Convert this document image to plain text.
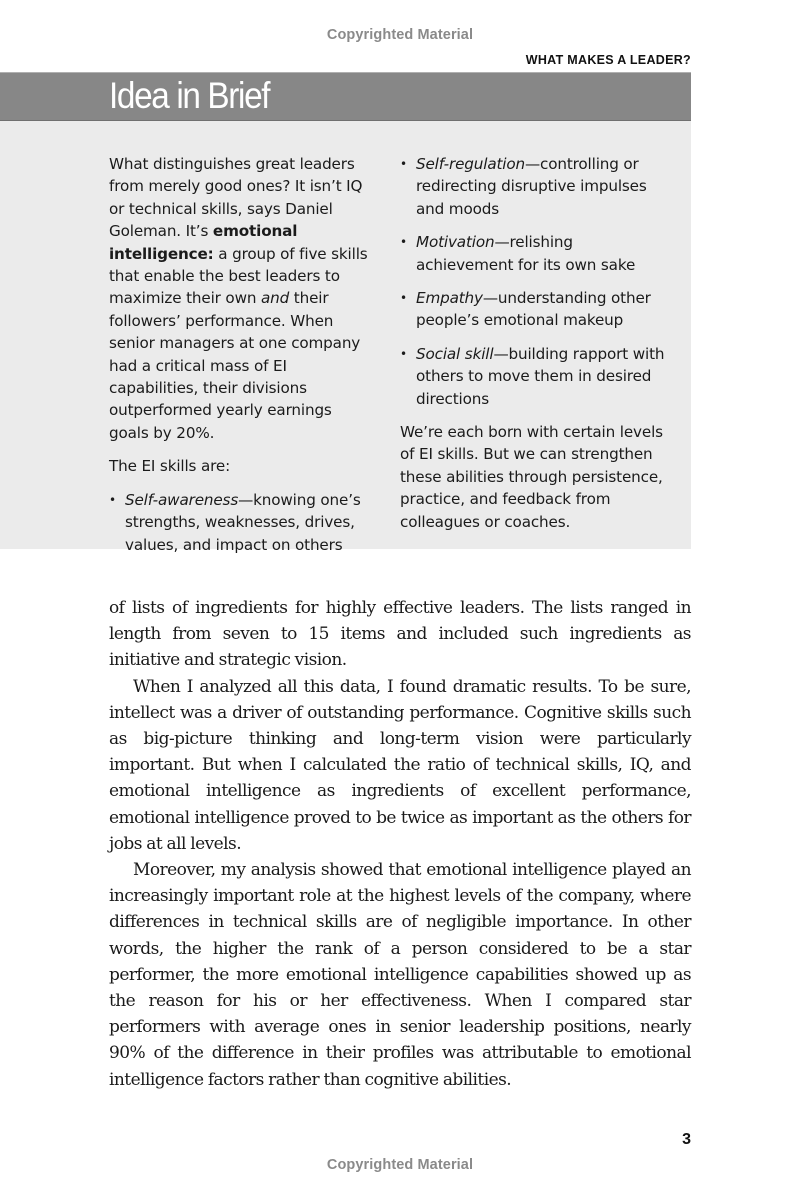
Copyrighted Material
WHAT MAKES A LEADER?
Idea in Brief

What distinguishes great leaders from merely good ones? It isn’t IQ or technical skills, says Daniel Goleman. It’s emotional intelligence: a group of five skills that enable the best leaders to maximize their own and their followers’ performance. When senior managers at one company had a critical mass of EI capabilities, their divisions outperformed yearly earnings goals by 20%.

The EI skills are:

• Self-awareness—knowing one’s strengths, weaknesses, drives, values, and impact on others
• Self-regulation—controlling or redirecting disruptive impulses and moods
• Motivation—relishing achievement for its own sake
• Empathy—understanding other people’s emotional makeup
• Social skill—building rapport with others to move them in desired directions

We’re each born with certain levels of EI skills. But we can strengthen these abilities through persistence, practice, and feedback from colleagues or coaches.

of lists of ingredients for highly effective leaders. The lists ranged in length from seven to 15 items and included such ingredients as initiative and strategic vision.

When I analyzed all this data, I found dramatic results. To be sure, intellect was a driver of outstanding performance. Cognitive skills such as big-picture thinking and long-term vision were particularly important. But when I calculated the ratio of technical skills, IQ, and emotional intelligence as ingredients of excellent performance, emotional intelligence proved to be twice as important as the others for jobs at all levels.

Moreover, my analysis showed that emotional intelligence played an increasingly important role at the highest levels of the company, where differences in technical skills are of negligible importance. In other words, the higher the rank of a person considered to be a star performer, the more emotional intelligence capabilities showed up as the reason for his or her effectiveness. When I compared star performers with average ones in senior leadership positions, nearly 90% of the difference in their profiles was attributable to emotional intelligence factors rather than cognitive abilities.

3
Copyrighted Material
